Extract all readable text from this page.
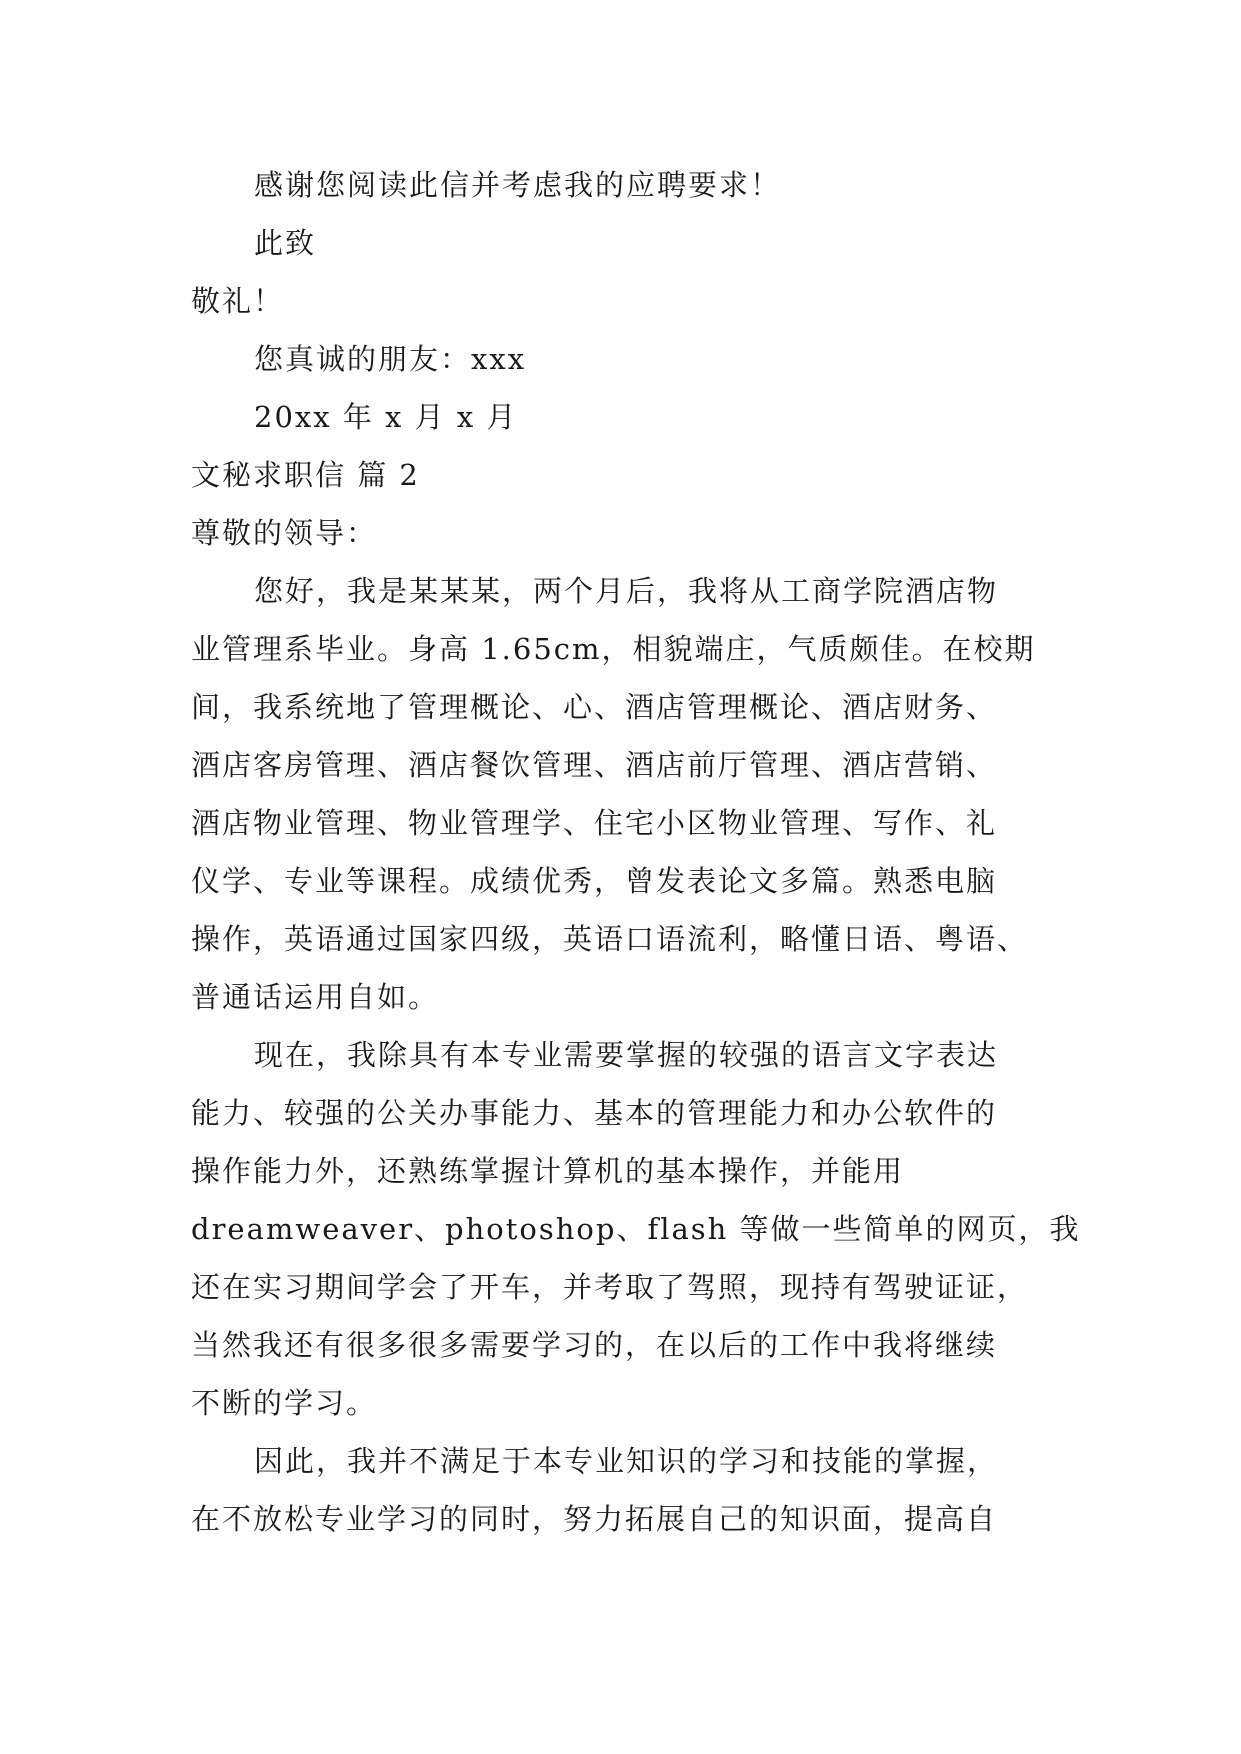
感谢您阅读此信并考虑我的应聘要求！
此致
敬礼！
您真诚的朋友：xxx
20xx 年 x 月 x 月
文秘求职信 篇 2
尊敬的领导：
您好，我是某某某，两个月后，我将从工商学院酒店物
业管理系毕业。身高 1.65cm，相貌端庄，气质颇佳。在校期
间，我系统地了管理概论、心、酒店管理概论、酒店财务、
酒店客房管理、酒店餐饮管理、酒店前厅管理、酒店营销、
酒店物业管理、物业管理学、住宅小区物业管理、写作、礼
仪学、专业等课程。成绩优秀，曾发表论文多篇。熟悉电脑
操作，英语通过国家四级，英语口语流利，略懂日语、粤语、
普通话运用自如。
现在，我除具有本专业需要掌握的较强的语言文字表达
能力、较强的公关办事能力、基本的管理能力和办公软件的
操作能力外，还熟练掌握计算机的基本操作，并能用
dreamweaver、photoshop、flash 等做一些简单的网页，我
还在实习期间学会了开车，并考取了驾照，现持有驾驶证证，
当然我还有很多很多需要学习的，在以后的工作中我将继续
不断的学习。
因此，我并不满足于本专业知识的学习和技能的掌握，
在不放松专业学习的同时，努力拓展自己的知识面，提高自
